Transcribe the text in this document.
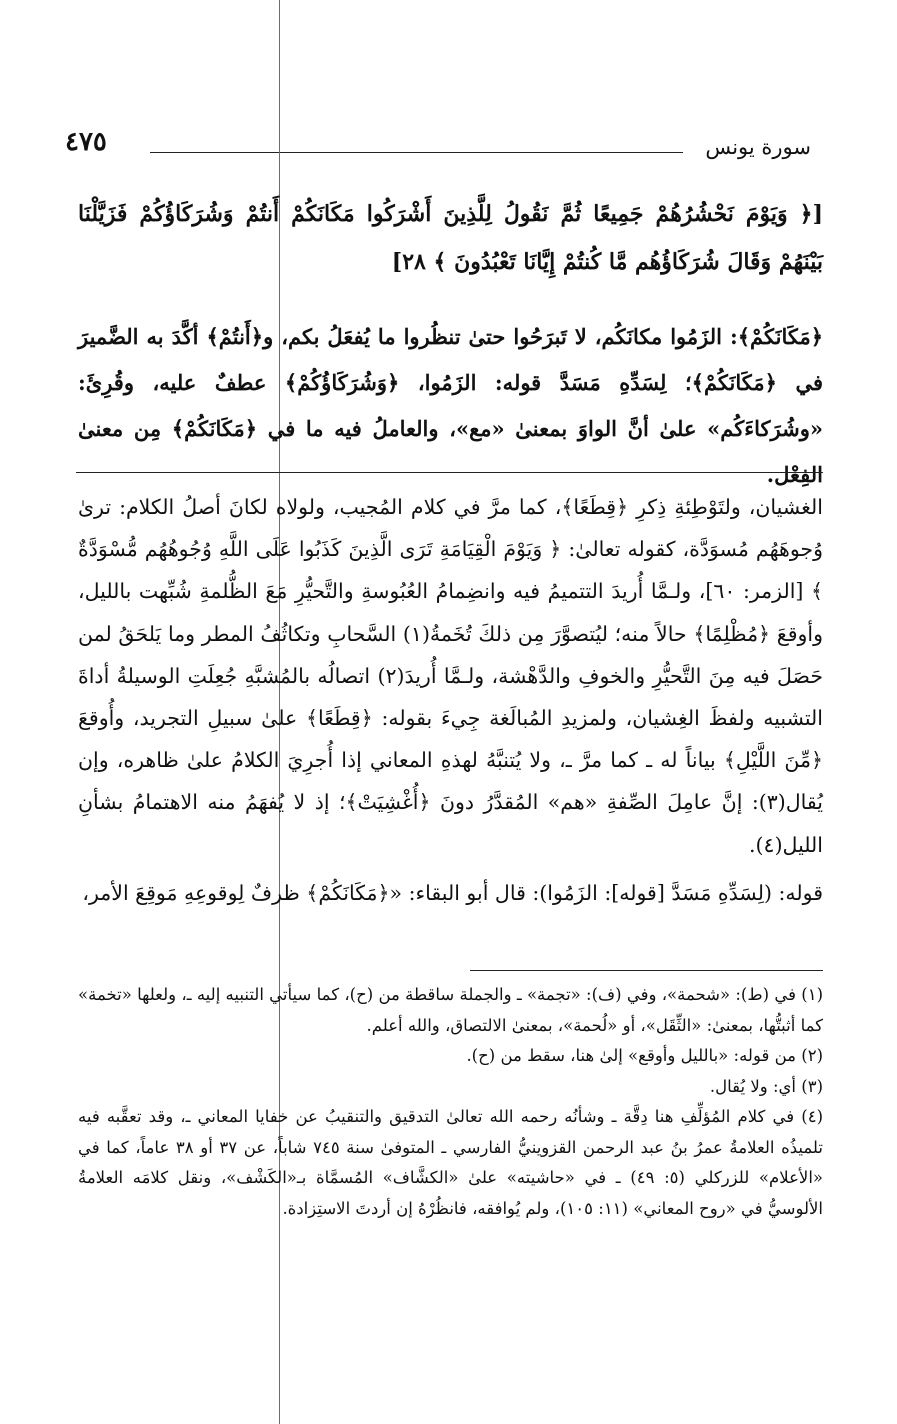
٤٧٥	سورة يونس
[﴿ وَيَوْمَ نَحْشُرُهُمْ جَمِيعًا ثُمَّ نَقُولُ لِلَّذِينَ أَشْرَكُوا مَكَانَكُمْ أَنتُمْ وَشُرَكَاؤُكُمْ فَزَيَّلْنَا بَيْنَهُمْ وَقَالَ شُرَكَاؤُهُم مَّا كُنتُمْ إِيَّانَا تَعْبُدُونَ ﴾ ٢٨]
﴿مَكَانَكُمْ﴾: الزَمُوا مكانَكُم، لا تَبرَحُوا حتىٰ تنظُروا ما يُفعَلُ بكم، و﴿أَنتُمْ﴾ أكَّدَ به الضَّميرَ في ﴿مَكَانَكُمْ﴾؛ لِسَدِّهِ مَسَدَّ قوله: الزَمُوا، ﴿وَشُرَكَاؤُكُمْ﴾ عطفٌ عليه، وقُرِئَ: «وشُرَكاءَكُم» علىٰ أنَّ الواوَ بمعنىٰ «مع»، والعاملُ فيه ما في ﴿مَكَانَكُمْ﴾ مِن معنىٰ الفِعْل.

الغشيان، ولتَوْطِئةِ ذِكرِ ﴿قِطَعًا﴾، كما مرَّ في كلام المُجيب، ولولاه لكانَ أصلُ الكلام: ترىٰ وُجوهَهُم مُسوَدَّة، كقوله تعالىٰ: ﴿ وَيَوْمَ الْقِيَامَةِ تَرَى الَّذِينَ كَذَبُوا عَلَى اللَّهِ وُجُوهُهُم مُّسْوَدَّةٌ ﴾ [الزمر: ٦٠]، ولـمَّا أُريدَ التتميمُ فيه وانضِمامُ العُبُوسةِ والتَّحيُّرِ مَعَ الظُّلمةِ شُبِّهت بالليل، وأوقعَ ﴿مُظْلِمًا﴾ حالاً منه؛ ليُتصوَّرَ مِن ذلكَ تُخَمةُ(١) السَّحابِ وتكاثُفُ المطر وما يَلحَقُ لمن حَصَلَ فيه مِنَ التَّحيُّرِ والخوفِ والدَّهْشة، ولـمَّا أُريدَ(٢) اتصالُه بالمُشبَّهِ جُعِلَتِ الوسيلةُ أداةَ التشبيه ولفظَ الغِشيان، ولمزيدِ المُبالَغة جِيءَ بقوله: ﴿قِطَعًا﴾ علىٰ سبيلِ التجريد، وأُوقعَ ﴿مِّنَ اللَّيْلِ﴾ بياناً له ـ كما مرَّ ـ، ولا يُتنبَّهُ لهذهِ المعاني إذا أُجرِيَ الكلامُ علىٰ ظاهره، وإن يُقال(٣): إنَّ عامِلَ الصِّفةِ «هم» المُقدَّرُ دونَ ﴿أُغْشِيَتْ﴾؛ إذ لا يُفهَمُ منه الاهتمامُ بشأنِ الليل(٤).

قوله: (لِسَدِّهِ مَسَدَّ [قوله]: الزَمُوا): قال أبو البقاء: «﴿مَكَانَكُمْ﴾ ظرفٌ لِوقوعِهِ مَوقِعَ الأمر،

(١) في (ط): «شحمة»، وفي (ف): «تجمة» ـ والجملة ساقطة من (ح)، كما سيأتي التنبيه إليه ـ، ولعلها «تخمة» كما أثبتُّها، بمعنىٰ: «الثِّقَل»، أو «لُحمة»، بمعنىٰ الالتصاق، والله أعلم.

(٢) من قوله: «بالليل وأوقع» إلىٰ هنا، سقط من (ح).

(٣) أي: ولا يُقال.

(٤) في كلام المُؤلِّفِ هنا دِقَّة ـ وشأنُه رحمه الله تعالىٰ التدقيق والتنقيبُ عن خفايا المعاني ـ، وقد تعقَّبه فيه تلميذُه العلامةُ عمرُ بنُ عبد الرحمن القزوينيُّ الفارسي ـ المتوفىٰ سنة ٧٤٥ شاباً، عن ٣٧ أو ٣٨ عاماً، كما في «الأعلام» للزركلي (٥: ٤٩) ـ في «حاشيته» علىٰ «الكشَّاف» المُسمَّاة بـ«الكَشْف»، ونقل كلامَه العلامةُ الألوسيُّ في «روح المعاني» (١١: ١٠٥)، ولم يُوافقه، فانظُرْهُ إن أردتَ الاستِزادة.
